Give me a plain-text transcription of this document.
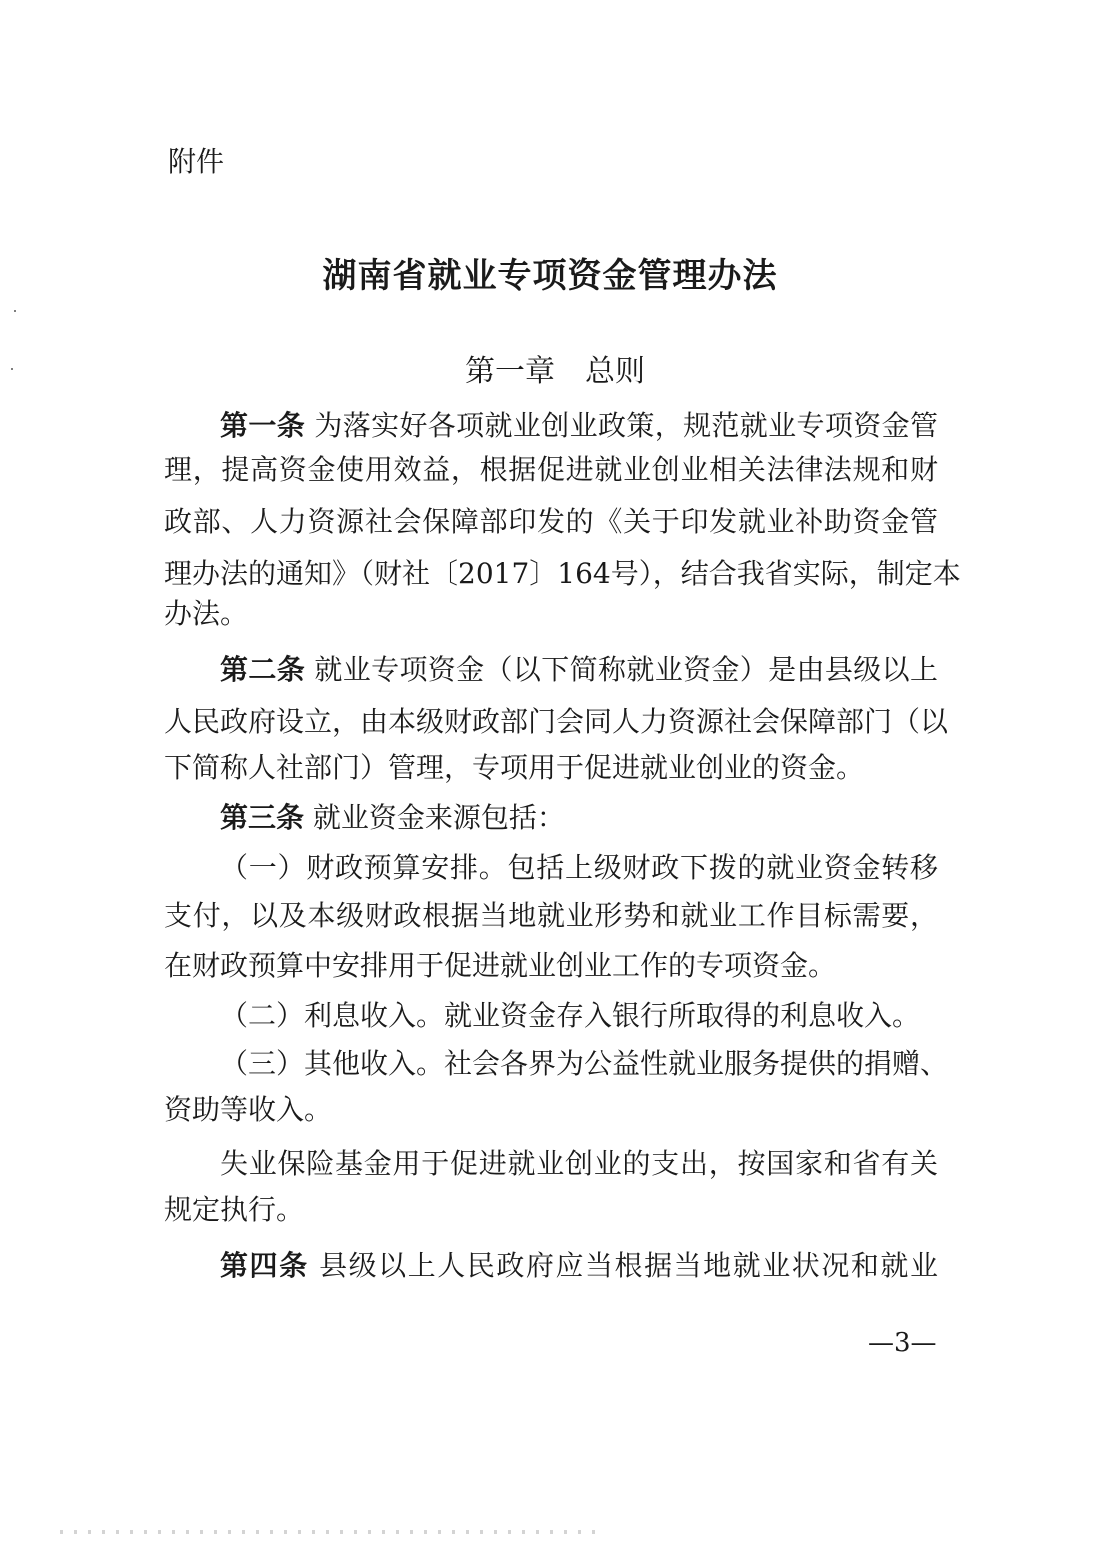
附件
湖南省就业专项资金管理办法
第一章 总则
第一条 为落实好各项就业创业政策，规范就业专项资金管
理，提高资金使用效益，根据促进就业创业相关法律法规和财
政部、人力资源社会保障部印发的《关于印发就业补助资金管
理办法的通知》（财社〔2017〕164号），结合我省实际，制定本
办法。
第二条 就业专项资金（以下简称就业资金）是由县级以上
人民政府设立，由本级财政部门会同人力资源社会保障部门（以
下简称人社部门）管理，专项用于促进就业创业的资金。
第三条 就业资金来源包括：
（一）财政预算安排。包括上级财政下拨的就业资金转移
支付，以及本级财政根据当地就业形势和就业工作目标需要，
在财政预算中安排用于促进就业创业工作的专项资金。
（二）利息收入。就业资金存入银行所取得的利息收入。
（三）其他收入。社会各界为公益性就业服务提供的捐赠、
资助等收入。
失业保险基金用于促进就业创业的支出，按国家和省有关
规定执行。
第四条 县级以上人民政府应当根据当地就业状况和就业
—3—
